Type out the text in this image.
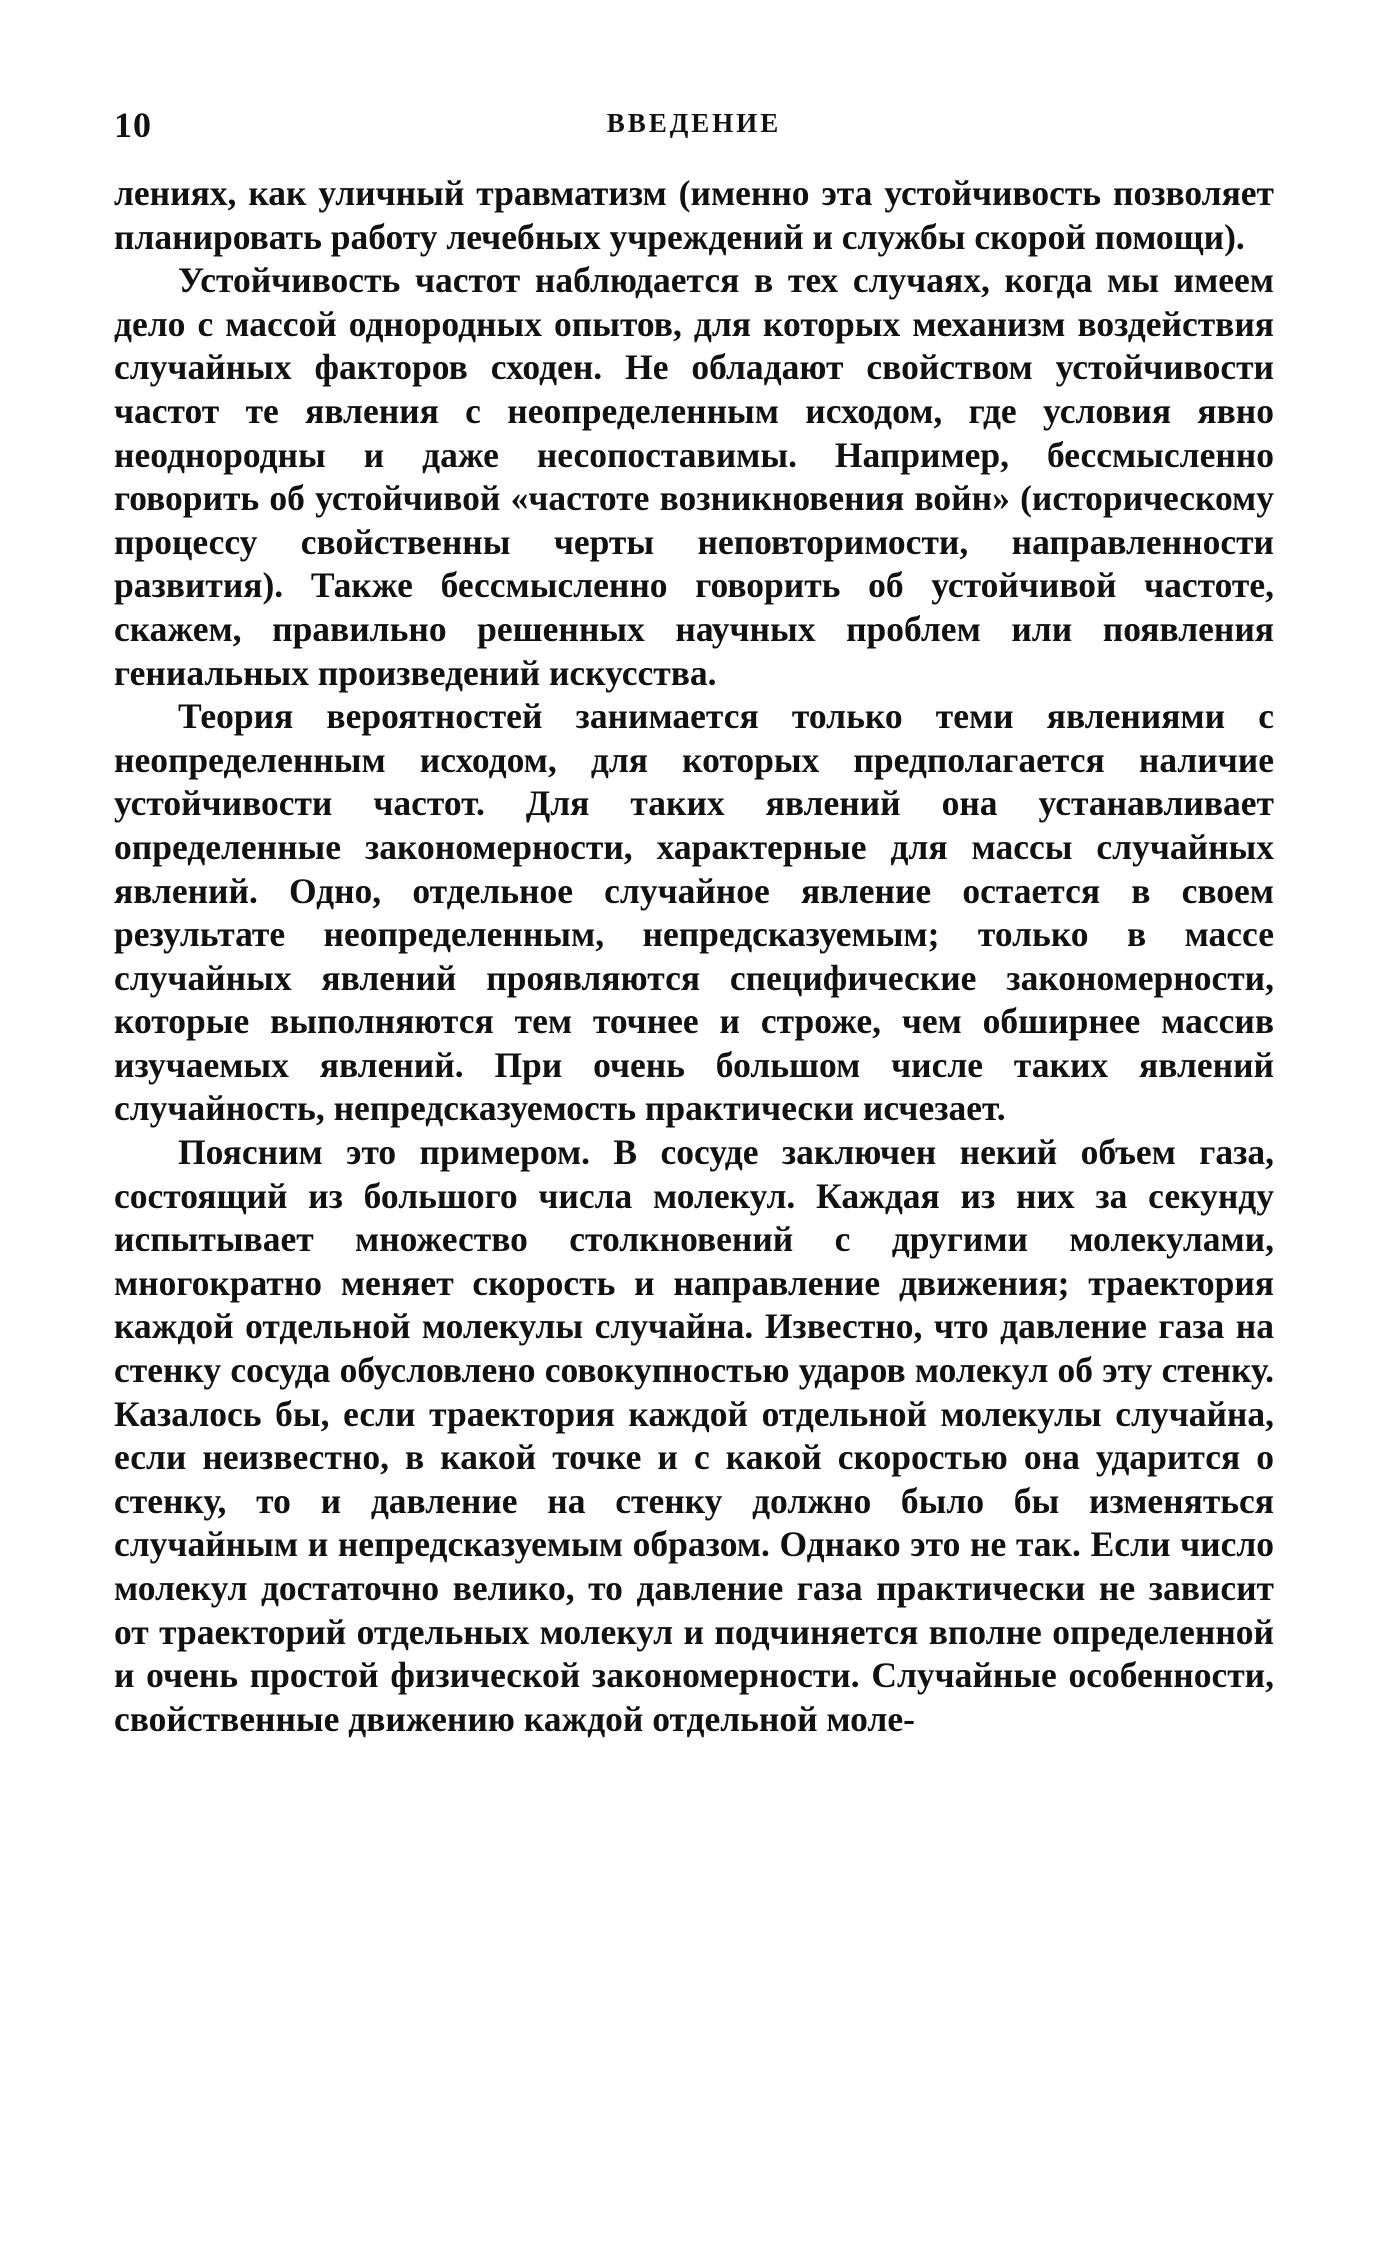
10	ВВЕДЕНИЕ

лениях, как уличный травматизм (именно эта устойчивость позволяет планировать работу лечебных учреждений и службы скорой помощи).

Устойчивость частот наблюдается в тех случаях, когда мы имеем дело с массой однородных опытов, для которых механизм воздействия случайных факторов сходен. Не обладают свойством устойчивости частот те явления с неопределенным исходом, где условия явно неоднородны и даже несопоставимы. Например, бессмысленно говорить об устойчивой «частоте возникновения войн» (историческому процессу свойственны черты неповторимости, направленности развития). Также бессмысленно говорить об устойчивой частоте, скажем, правильно решенных научных проблем или появления гениальных произведений искусства.

Теория вероятностей занимается только теми явлениями с неопределенным исходом, для которых предполагается наличие устойчивости частот. Для таких явлений она устанавливает определенные закономерности, характерные для массы случайных явлений. Одно, отдельное случайное явление остается в своем результате неопределенным, непредсказуемым; только в массе случайных явлений проявляются специфические закономерности, которые выполняются тем точнее и строже, чем обширнее массив изучаемых явлений. При очень большом числе таких явлений случайность, непредсказуемость практически исчезает.

Поясним это примером. В сосуде заключен некий объем газа, состоящий из большого числа молекул. Каждая из них за секунду испытывает множество столкновений с другими молекулами, многократно меняет скорость и направление движения; траектория каждой отдельной молекулы случайна. Известно, что давление газа на стенку сосуда обусловлено совокупностью ударов молекул об эту стенку. Казалось бы, если траектория каждой отдельной молекулы случайна, если неизвестно, в какой точке и с какой скоростью она ударится о стенку, то и давление на стенку должно было бы изменяться случайным и непредсказуемым образом. Однако это не так. Если число молекул достаточно велико, то давление газа практически не зависит от траекторий отдельных молекул и подчиняется вполне определенной и очень простой физической закономерности. Случайные особенности, свойственные движению каждой отдельной моле-
